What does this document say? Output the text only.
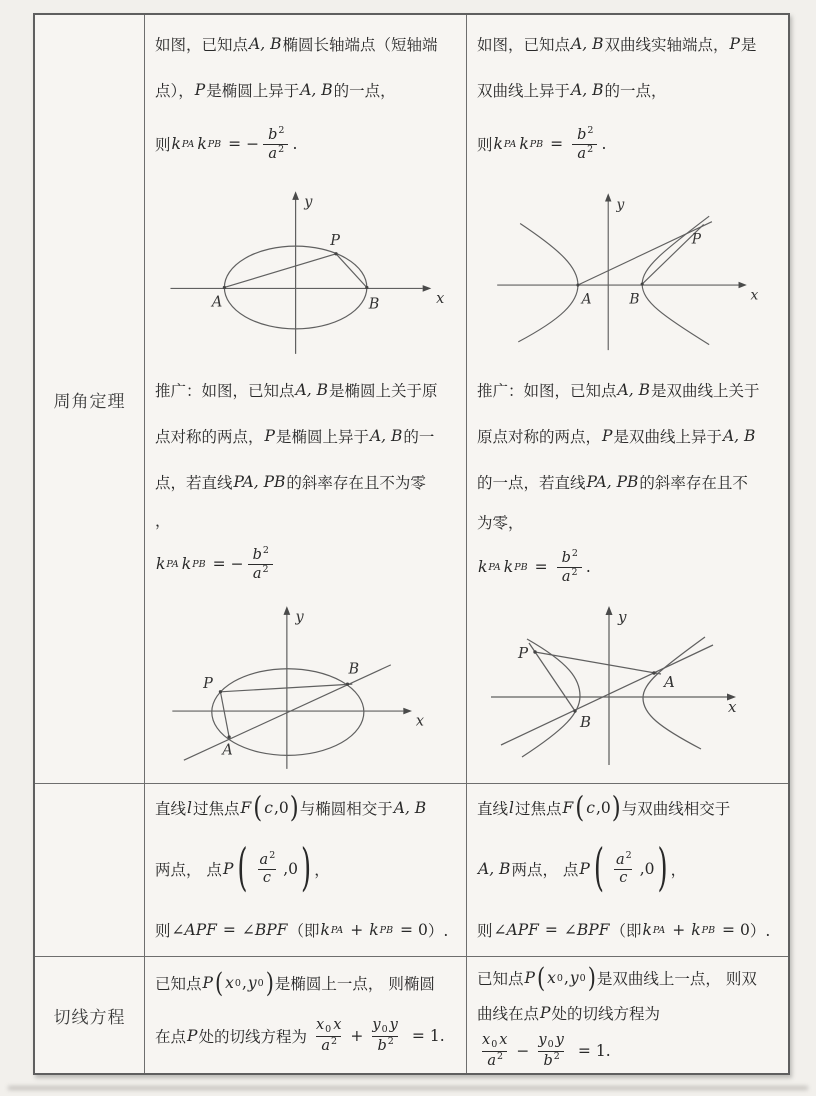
周角定理
如图，已知点 A, B 椭圆长轴端点（短轴端
点）， P 是椭圆上异于 A, B 的一点，
则 k PA k PB = − $\frac{b^2}{a^2}$ .
A	B
P
x
y
推广：如图，已知点 A, B 是椭圆上关于原
点对称的两点， P 是椭圆上异于 A, B 的一
点，若直线 PA, PB 的斜率存在且不为零
，
k PA k PB = − $\frac{b^2}{a^2}$
P
A
B
x
y
如图，已知点 A, B 双曲线实轴端点， P 是
双曲线上异于 A, B 的一点，
则 k PA k PB = $\frac{b^2}{a^2}$ .
A	B
P
x
y
推广：如图，已知点 A, B 是双曲线上关于
原点对称的两点， P 是双曲线上异于 A, B
的一点，若直线 PA, PB 的斜率存在且不
为零，
k PA k PB = $\frac{b^2}{a^2}$ .
P
A
B
x
y
直线 l 过焦点 F ( c , 0 ) 与椭圆相交于 A, B
两点， 点 P ( $\frac{a^2}{c}$ , 0 ) ，
则 ∠APF = ∠BPF （即 k PA + k PB = 0 ）.
直线 l 过焦点 F ( c , 0 ) 与双曲线相交于
A, B 两点， 点 P ( $\frac{a^2}{c}$ , 0 ) ，
则 ∠APF = ∠BPF （即 k PA + k PB = 0 ）.
切线方程
已知点 P ( x 0 , y 0 ) 是椭圆上一点， 则椭圆
在点 P 处的切线方程为 $\frac{x_0 x}{a^2} + \frac{y_0 y}{b^2} = 1$ .
已知点 P ( x 0 , y 0 ) 是双曲线上一点， 则双
曲线在点 P 处的切线方程为
$\frac{x_0 x}{a^2} - \frac{y_0 y}{b^2} = 1$ .
